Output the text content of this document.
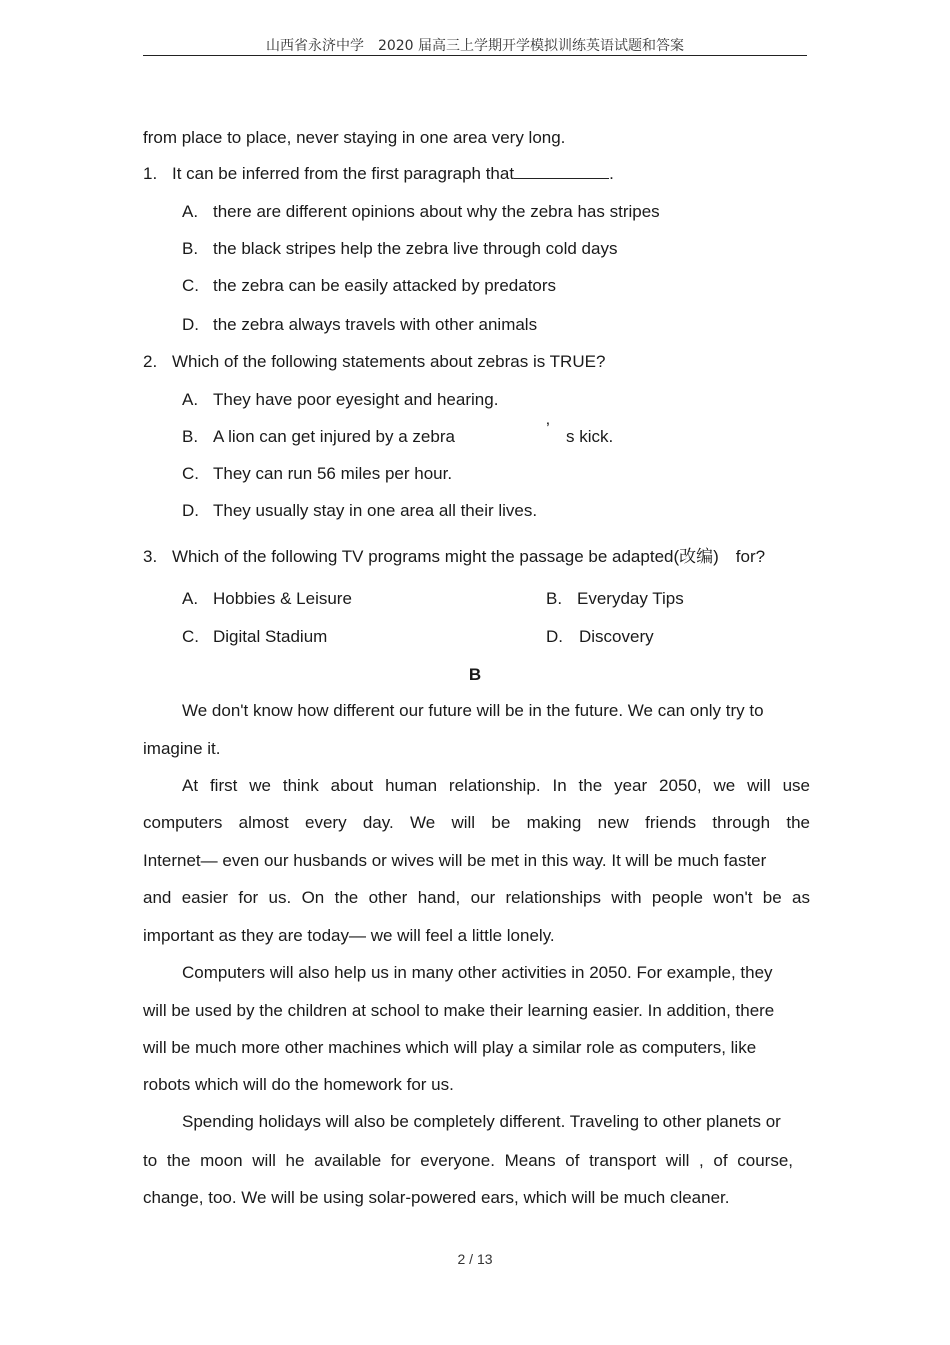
山西省永济中学　2020 届高三上学期开学模拟训练英语试题和答案
from place to place, never staying in one area very long.
1. It can be inferred from the first paragraph that	.
A. there are different opinions about why the zebra has stripes
B. the black stripes help the zebra live through cold days
C. the zebra can be easily attacked by predators
D. the zebra always travels with other animals
2. Which of the following statements about zebras is TRUE?
A. They have poor eyesight and hearing.
B. A lion can get injured by a zebra	’ s kick.
C. They can run 56 miles per hour.
D. They usually stay in one area all their lives.
3. Which of the following TV programs might the passage be adapted(改编)　for?
A. Hobbies & Leisure	B. Everyday Tips
C. Digital Stadium	D. Discovery
B
We don't know how different our future will be in the future. We can only try to
imagine it.
At first we think about human relationship. In the year 2050, we will use
computers almost every day. We will be making new friends through the
Internet— even our husbands or wives will be met in this way. It will be much faster
and easier for us. On the other hand, our relationships with people won't be as
important as they are today— we will feel a little lonely.
Computers will also help us in many other activities in 2050. For example, they
will be used by the children at school to make their learning easier. In addition, there
will be much more other machines which will play a similar role as computers, like
robots which will do the homework for us.
Spending holidays will also be completely different. Traveling to other planets or
to the moon will he available for everyone. Means of transport will , of course,
change, too. We will be using solar-powered ears, which will be much cleaner.
2 / 13
